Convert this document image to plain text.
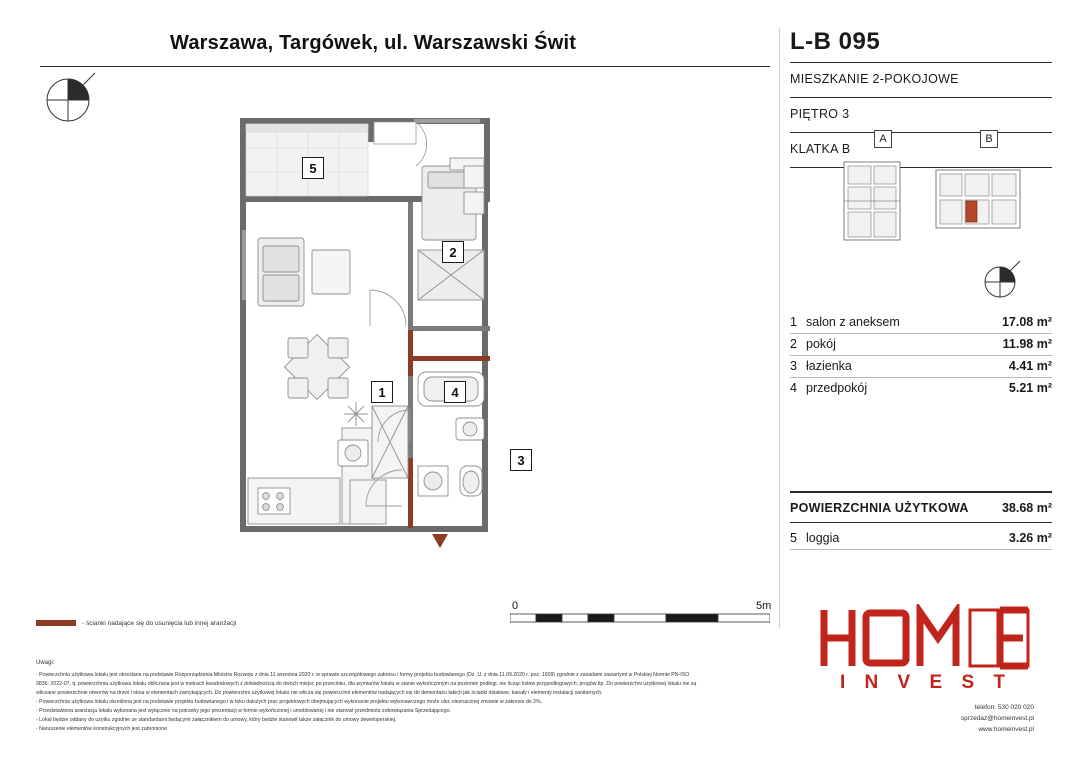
Warszawa, Targówek, ul. Warszawski Świt	L-B 095
MIESZKANIE 2-POKOJOWE
PIĘTRO 3
KLATKA B
A	B
1 salon z aneksem	17.08 m²
2 pokój	11.98 m²
3 łazienka	4.41 m²
4 przedpokój	5.21 m²
POWIERZCHNIA UŻYTKOWA	38.68 m²
5 loggia	3.26 m²
5
2
1	4
3
0	5m
- ścianki nadające się do usunięcia lub innej aranżacji
Uwagi:
- Powierzchnia użytkowa lokalu jest określana na podstawie Rozporządzenia Ministra Rozwoju z dnia 11 września 2020 r. w sprawie szczegółowego zakresu i formy projektu budowlanego (Dz. U. z dnia 11.09.2020 r. poz. 1609) zgodnie z zasadami zawartymi w Polskiej Normie PN-ISO
9836: 2022-07, tj. powierzchnia użytkowa lokalu obliczana jest w metrach kwadratowych z dokładnością do dwóch miejsc po przecinku, dla wymiarów lokalu w stanie wykończonym na poziomie podłogi, nie licząc listew przypodłogowych, progów itp. Do powierzchni użytkowej lokalu nie są
wliczane powierzchnie otworów na drzwi i okna w elementach zamykających. Do powierzchni użytkowej lokalu nie wlicza się powierzchni elementów nadających się do demontażu takich jak ścianki działowe, kanały i elementy instalacji sanitarnych.
- Powierzchnia użytkowa lokalu określona jest na podstawie projektu budowlanego i w toku dalszych prac projektowych obejmujących wykonanie projektu wykonawczego może ulec nieznacznej zmianie w zakresie do 2%.
- Przedstawiona aranżacja lokalu wykonana jest wyłącznie na potrzeby jego prezentacji w formie wykończonej i umeblowanej i nie stanowi przedmiotu zobowiązania Sprzedającego.
- Lokal będzie oddany do użytku zgodnie ze standardami będącymi załącznikiem do umowy, który będzie stanowił także załącznik do umowy deweloperskiej.
- Naruszenie elementów konstrukcyjnych jest zabronione.
I N V E S T
telefon: 530 020 020
sprzedaz@homeinvest.pl
www.homeinvest.pl
